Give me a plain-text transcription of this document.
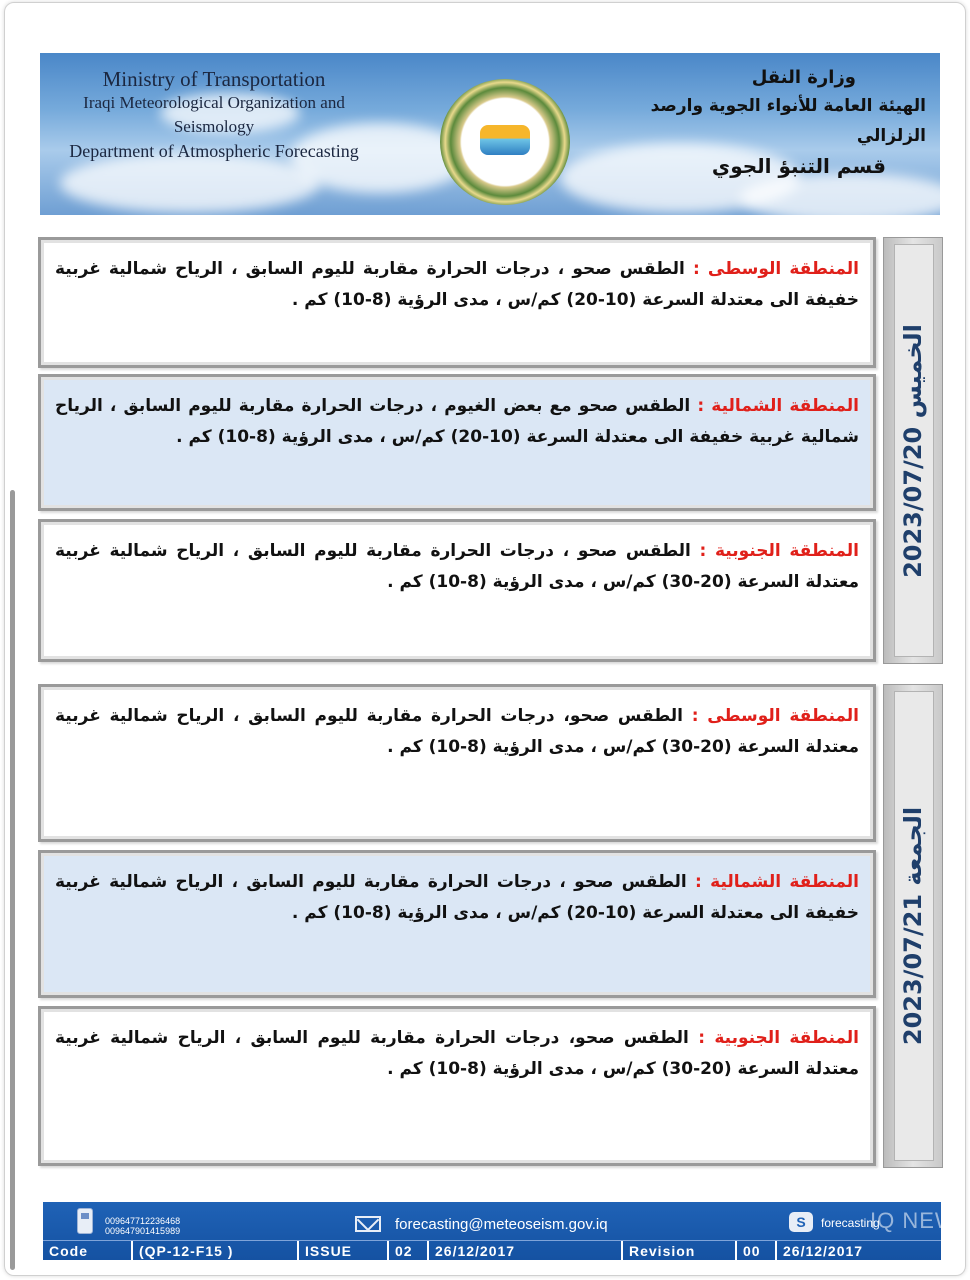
Ministry of Transportation
Iraqi Meteorological Organization and Seismology
Department of Atmospheric Forecasting
وزارة النقل
الهيئة العامة للأنواء الجوية وارصد الزلزالي
قسم التنبؤ الجوي
المنطقة الوسطى : الطقس صحو ، درجات الحرارة مقاربة لليوم السابق ، الرياح شمالية غربية خفيفة الى معتدلة السرعة (10-20) كم/س ، مدى الرؤية (8-10) كم .
المنطقة الشمالية : الطقس صحو مع بعض الغيوم ، درجات الحرارة مقاربة لليوم السابق ، الرياح شمالية غربية خفيفة الى معتدلة السرعة (10-20) كم/س ، مدى الرؤية (8-10) كم .
المنطقة الجنوبية : الطقس صحو ، درجات الحرارة مقاربة لليوم السابق ، الرياح شمالية غربية معتدلة السرعة (20-30) كم/س ، مدى الرؤية (8-10) كم .
الخميس 2023/07/20
المنطقة الوسطى : الطقس صحو، درجات الحرارة مقاربة لليوم السابق ، الرياح شمالية غربية معتدلة السرعة (20-30) كم/س ، مدى الرؤية (8-10) كم .
المنطقة الشمالية : الطقس صحو ، درجات الحرارة مقاربة لليوم السابق ، الرياح شمالية غربية خفيفة الى معتدلة السرعة (10-20) كم/س ، مدى الرؤية (8-10) كم .
المنطقة الجنوبية : الطقس صحو، درجات الحرارة مقاربة لليوم السابق ، الرياح شمالية غربية معتدلة السرعة (20-30) كم/س ، مدى الرؤية (8-10) كم .
الجمعة 2023/07/21
009647712236468
009647901415989	forecasting@meteoseism.gov.iq	S	forecasting
Code	(QP-12-F15 )	ISSUE	02	26/12/2017	Revision	00	26/12/2017
IQ NEW
